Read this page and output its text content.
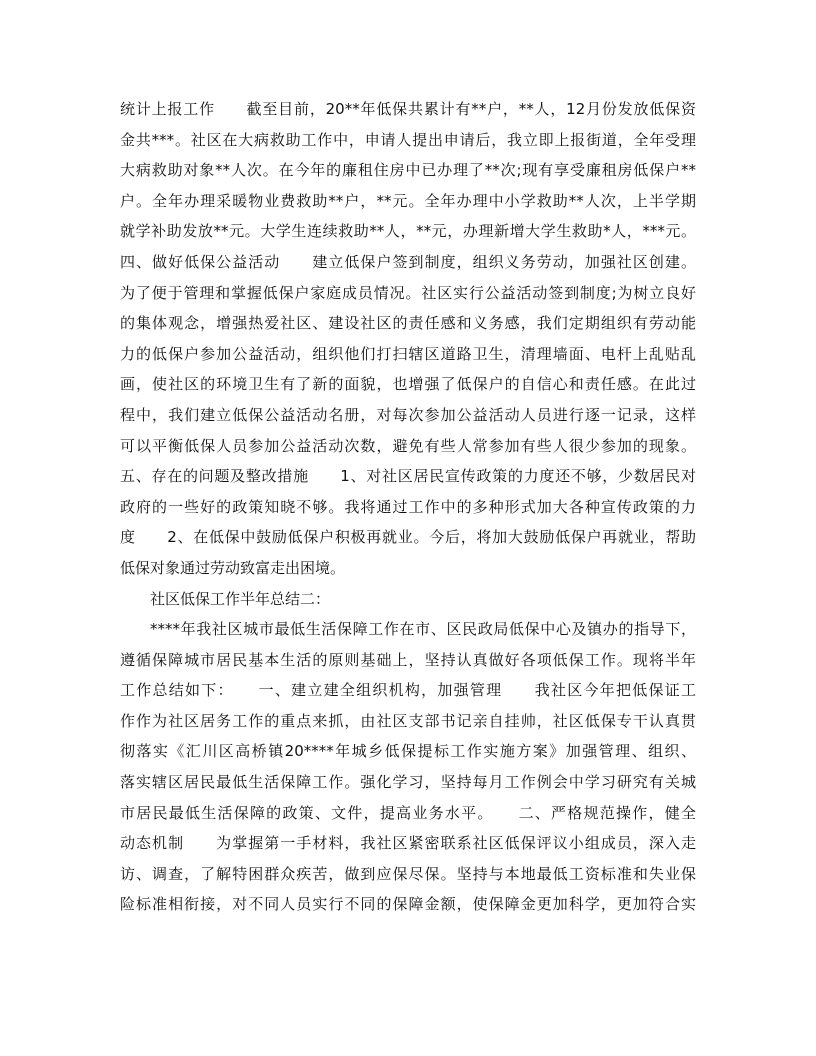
统计上报工作　　截至目前，20**年低保共累计有**户，**人，12月份发放低保资
金共***。社区在大病救助工作中，申请人提出申请后，我立即上报街道，全年受理
大病救助对象**人次。在今年的廉租住房中已办理了**次;现有享受廉租房低保户**
户。全年办理采暖物业费救助**户，**元。全年办理中小学救助**人次，上半学期
就学补助发放**元。大学生连续救助**人，**元，办理新增大学生救助*人，***元。
四、做好低保公益活动　　建立低保户签到制度，组织义务劳动，加强社区创建。
为了便于管理和掌握低保户家庭成员情况。社区实行公益活动签到制度;为树立良好
的集体观念，增强热爱社区、建设社区的责任感和义务感，我们定期组织有劳动能
力的低保户参加公益活动，组织他们打扫辖区道路卫生，清理墙面、电杆上乱贴乱
画，使社区的环境卫生有了新的面貌，也增强了低保户的自信心和责任感。在此过
程中，我们建立低保公益活动名册，对每次参加公益活动人员进行逐一记录，这样
可以平衡低保人员参加公益活动次数，避免有些人常参加有些人很少参加的现象。
五、存在的问题及整改措施　　1、对社区居民宣传政策的力度还不够，少数居民对
政府的一些好的政策知晓不够。我将通过工作中的多种形式加大各种宣传政策的力
度　　2、在低保中鼓励低保户积极再就业。今后，将加大鼓励低保户再就业，帮助
低保对象通过劳动致富走出困境。
社区低保工作半年总结二：
****年我社区城市最低生活保障工作在市、区民政局低保中心及镇办的指导下，
遵循保障城市居民基本生活的原则基础上，坚持认真做好各项低保工作。现将半年
工作总结如下：　　一、建立建全组织机构，加强管理　　我社区今年把低保证工
作作为社区居务工作的重点来抓，由社区支部书记亲自挂帅，社区低保专干认真贯
彻落实《汇川区高桥镇20****年城乡低保提标工作实施方案》加强管理、组织、
落实辖区居民最低生活保障工作。强化学习，坚持每月工作例会中学习研究有关城
市居民最低生活保障的政策、文件，提高业务水平。　　二、严格规范操作，健全
动态机制　　为掌握第一手材料，我社区紧密联系社区低保评议小组成员，深入走
访、调查，了解特困群众疾苦，做到应保尽保。坚持与本地最低工资标准和失业保
险标准相衔接，对不同人员实行不同的保障金额，使保障金更加科学，更加符合实
